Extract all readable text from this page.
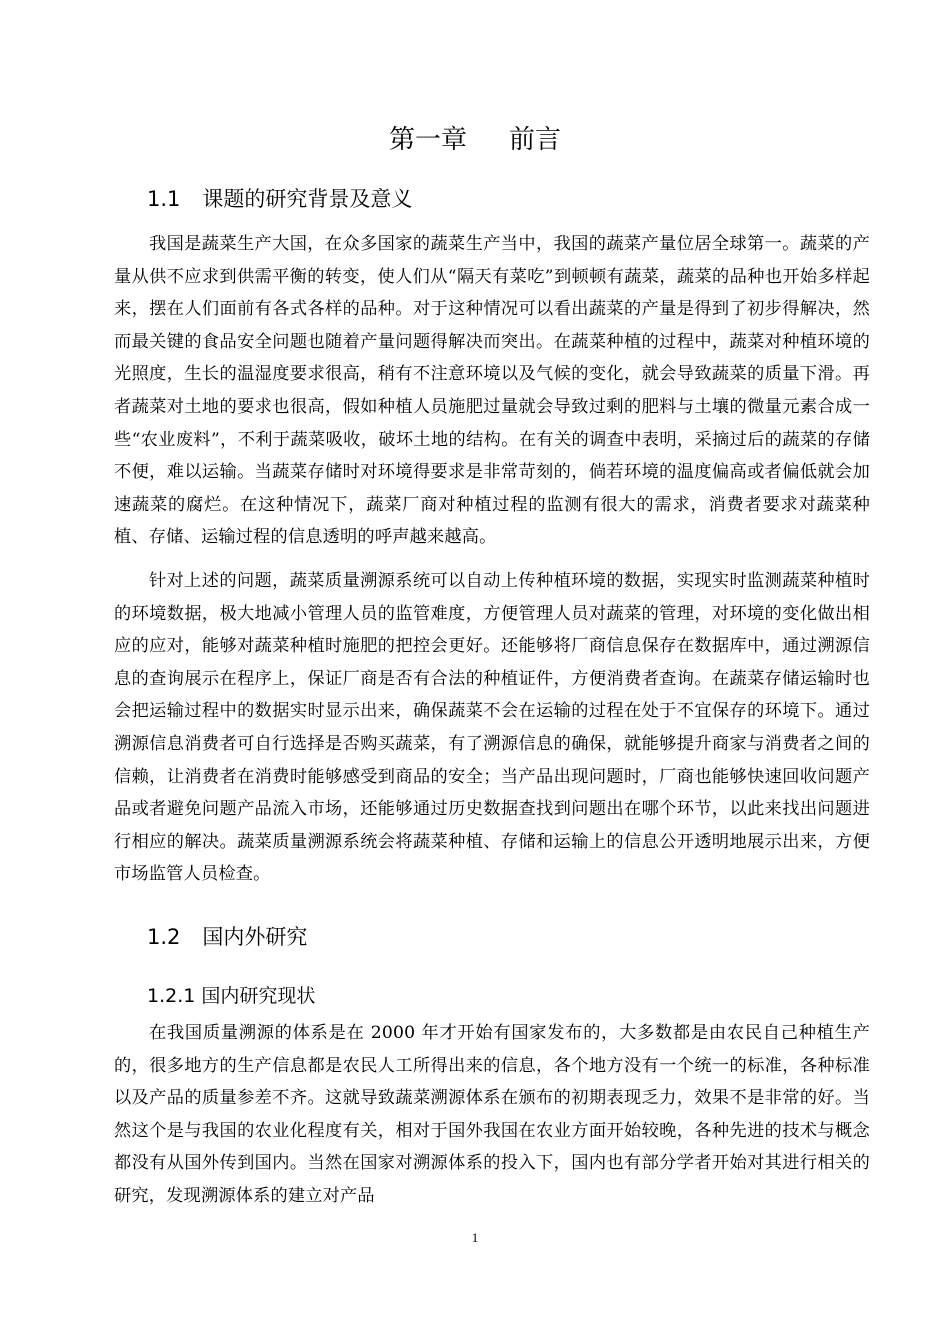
第一章 前言
1.1 课题的研究背景及意义

我国是蔬菜生产大国，在众多国家的蔬菜生产当中，我国的蔬菜产量位居全球第一。蔬菜的产量从供不应求到供需平衡的转变，使人们从“隔天有菜吃”到顿顿有蔬菜，蔬菜的品种也开始多样起来，摆在人们面前有各式各样的品种。对于这种情况可以看出蔬菜的产量是得到了初步得解决，然而最关键的食品安全问题也随着产量问题得解决而突出。在蔬菜种植的过程中，蔬菜对种植环境的光照度，生长的温湿度要求很高，稍有不注意环境以及气候的变化，就会导致蔬菜的质量下滑。再者蔬菜对土地的要求也很高，假如种植人员施肥过量就会导致过剩的肥料与土壤的微量元素合成一些“农业废料”，不利于蔬菜吸收，破坏土地的结构。在有关的调查中表明，采摘过后的蔬菜的存储不便，难以运输。当蔬菜存储时对环境得要求是非常苛刻的，倘若环境的温度偏高或者偏低就会加速蔬菜的腐烂。在这种情况下，蔬菜厂商对种植过程的监测有很大的需求，消费者要求对蔬菜种植、存储、运输过程的信息透明的呼声越来越高。

针对上述的问题，蔬菜质量溯源系统可以自动上传种植环境的数据，实现实时监测蔬菜种植时的环境数据，极大地减小管理人员的监管难度，方便管理人员对蔬菜的管理，对环境的变化做出相应的应对，能够对蔬菜种植时施肥的把控会更好。还能够将厂商信息保存在数据库中，通过溯源信息的查询展示在程序上，保证厂商是否有合法的种植证件，方便消费者查询。在蔬菜存储运输时也会把运输过程中的数据实时显示出来，确保蔬菜不会在运输的过程在处于不宜保存的环境下。通过溯源信息消费者可自行选择是否购买蔬菜，有了溯源信息的确保，就能够提升商家与消费者之间的信赖，让消费者在消费时能够感受到商品的安全；当产品出现问题时，厂商也能够快速回收问题产品或者避免问题产品流入市场，还能够通过历史数据查找到问题出在哪个环节，以此来找出问题进行相应的解决。蔬菜质量溯源系统会将蔬菜种植、存储和运输上的信息公开透明地展示出来，方便市场监管人员检查。

1.2 国内外研究
1.2.1 国内研究现状

在我国质量溯源的体系是在 2000 年才开始有国家发布的，大多数都是由农民自己种植生产的，很多地方的生产信息都是农民人工所得出来的信息，各个地方没有一个统一的标准，各种标准以及产品的质量参差不齐。这就导致蔬菜溯源体系在颁布的初期表现乏力，效果不是非常的好。当然这个是与我国的农业化程度有关，相对于国外我国在农业方面开始较晚，各种先进的技术与概念都没有从国外传到国内。当然在国家对溯源体系的投入下，国内也有部分学者开始对其进行相关的研究，发现溯源体系的建立对产品

1
